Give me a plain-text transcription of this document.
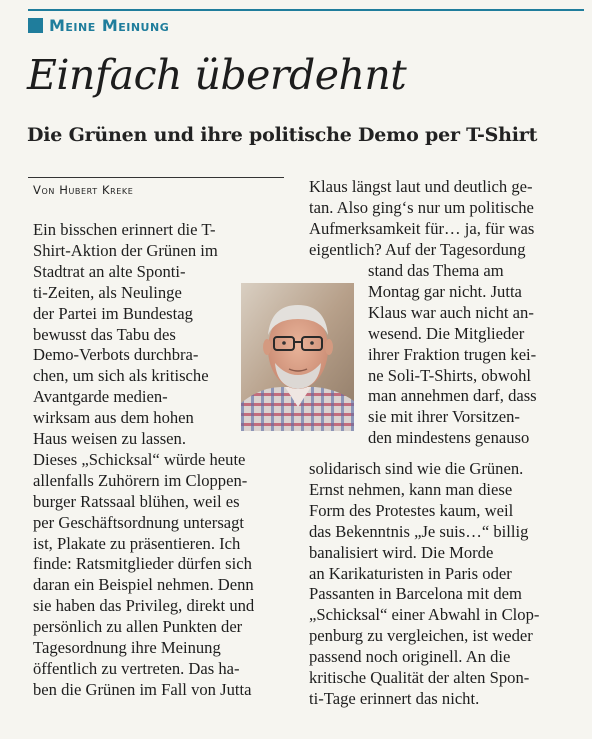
Meine Meinung
Einfach überdehnt
Die Grünen und ihre politische Demo per T-Shirt
Von Hubert Kreke
Ein bisschen erinnert die T-
Shirt-Aktion der Grünen im
Stadtrat an alte Sponti-
ti-Zeiten, als Neulinge
der Partei im Bundestag
bewusst das Tabu des
Demo-Verbots durchbra-
chen, um sich als kritische
Avantgarde medien-
wirksam aus dem hohen
Haus weisen zu lassen.
Dieses „Schicksal“ würde heute
allenfalls Zuhörern im Cloppen-
burger Ratssaal blühen, weil es
per Geschäftsordnung untersagt
ist, Plakate zu präsentieren. Ich
finde: Ratsmitglieder dürfen sich
daran ein Beispiel nehmen. Denn
sie haben das Privileg, direkt und
persönlich zu allen Punkten der
Tagesordnung ihre Meinung
öffentlich zu vertreten. Das ha-
ben die Grünen im Fall von Jutta
Klaus längst laut und deutlich ge-
tan. Also ging‘s nur um politische
Aufmerksamkeit für… ja, für was
eigentlich? Auf der Tagesordung
stand das Thema am
Montag gar nicht. Jutta
Klaus war auch nicht an-
wesend. Die Mitglieder
ihrer Fraktion trugen kei-
ne Soli-T-Shirts, obwohl
man annehmen darf, dass
sie mit ihrer Vorsitzen-
den mindestens genauso
solidarisch sind wie die Grünen.
Ernst nehmen, kann man diese
Form des Protestes kaum, weil
das Bekenntnis „Je suis…“ billig
banalisiert wird. Die Morde
an Karikaturisten in Paris oder
Passanten in Barcelona mit dem
„Schicksal“ einer Abwahl in Clop-
penburg zu vergleichen, ist weder
passend noch originell. An die
kritische Qualität der alten Spon-
ti-Tage erinnert das nicht.
